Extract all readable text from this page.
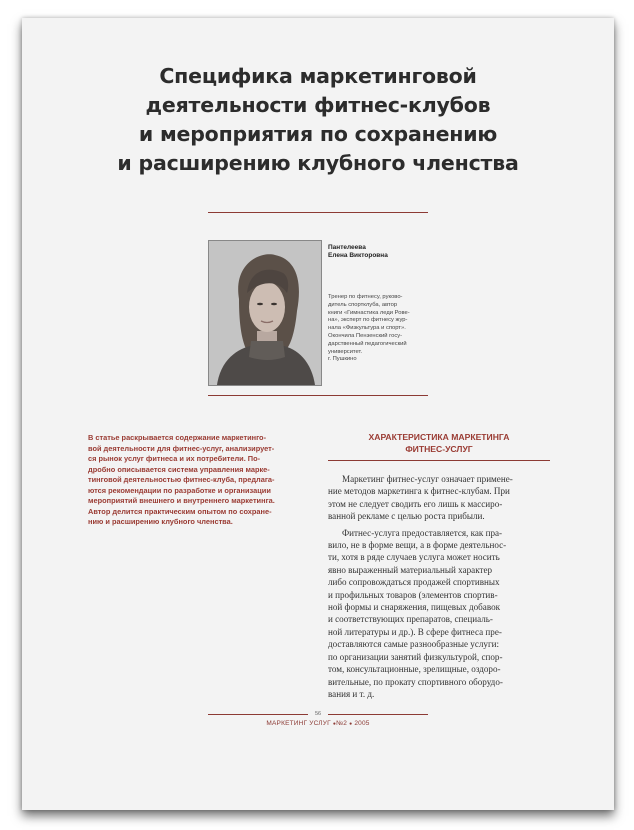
Специфика маркетинговой
деятельности фитнес-клубов
и мероприятия по сохранению
и расширению клубного членства
Пантелеева
Елена Викторовна
Тренер по фитнесу, руково-
дитель спортклуба, автор
книги «Гимнастика леди Рове-
на», эксперт по фитнесу жур-
нала «Физкультура и спорт».
Окончила Пензенский госу-
дарственный педагогический
университет.
г. Пушкино
В статье раскрывается содержание маркетинго-
вой деятельности для фитнес-услуг, анализирует-
ся рынок услуг фитнеса и их потребители. По-
дробно описывается система управления марке-
тинговой деятельностью фитнес-клуба, предлага-
ются рекомендации по разработке и организации
мероприятий внешнего и внутреннего маркетинга.
Автор делится практическим опытом по сохране-
нию и расширению клубного членства.
ХАРАКТЕРИСТИКА МАРКЕТИНГА
ФИТНЕС-УСЛУГ
Маркетинг фитнес-услуг означает примене-
ние методов маркетинга к фитнес-клубам. При
этом не следует сводить его лишь к массиро-
ванной рекламе с целью роста прибыли.
Фитнес-услуга предоставляется, как пра-
вило, не в форме вещи, а в форме деятельнос-
ти, хотя в ряде случаев услуга может носить
явно выраженный материальный характер
либо сопровождаться продажей спортивных
и профильных товаров (элементов спортив-
ной формы и снаряжения, пищевых добавок
и соответствующих препаратов, специаль-
ной литературы и др.). В сфере фитнеса пре-
доставляются самые разнообразные услуги:
по организации занятий физкультурой, спор-
том, консультационные, зрелищные, оздоро-
вительные, по прокату спортивного оборудо-
вания и т. д.
56
МАРКЕТИНГ УСЛУГ ●№2 ● 2005
